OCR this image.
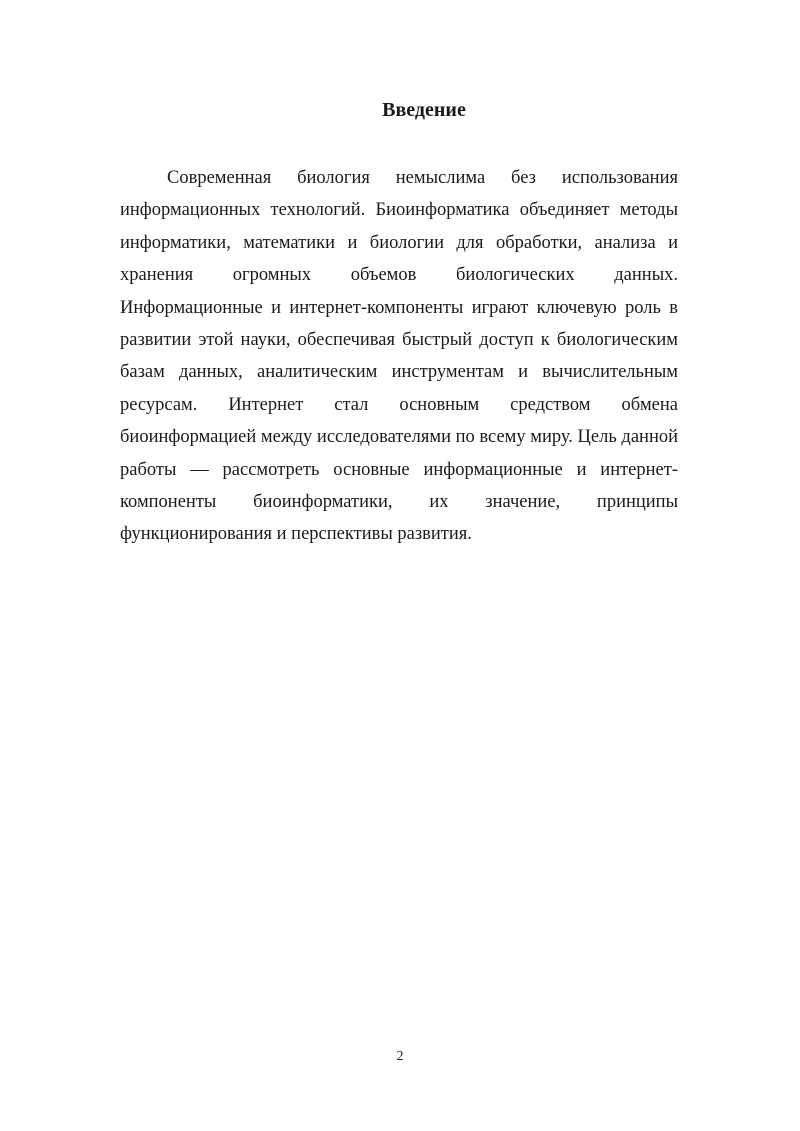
Введение

Современная биология немыслима без использования информационных технологий. Биоинформатика объединяет методы информатики, математики и биологии для обработки, анализа и хранения огромных объемов биологических данных. Информационные и интернет-компоненты играют ключевую роль в развитии этой науки, обеспечивая быстрый доступ к биологическим базам данных, аналитическим инструментам и вычислительным ресурсам. Интернет стал основным средством обмена биоинформацией между исследователями по всему миру. Цель данной работы — рассмотреть основные информационные и интернет-компоненты биоинформатики, их значение, принципы функционирования и перспективы развития.

2
